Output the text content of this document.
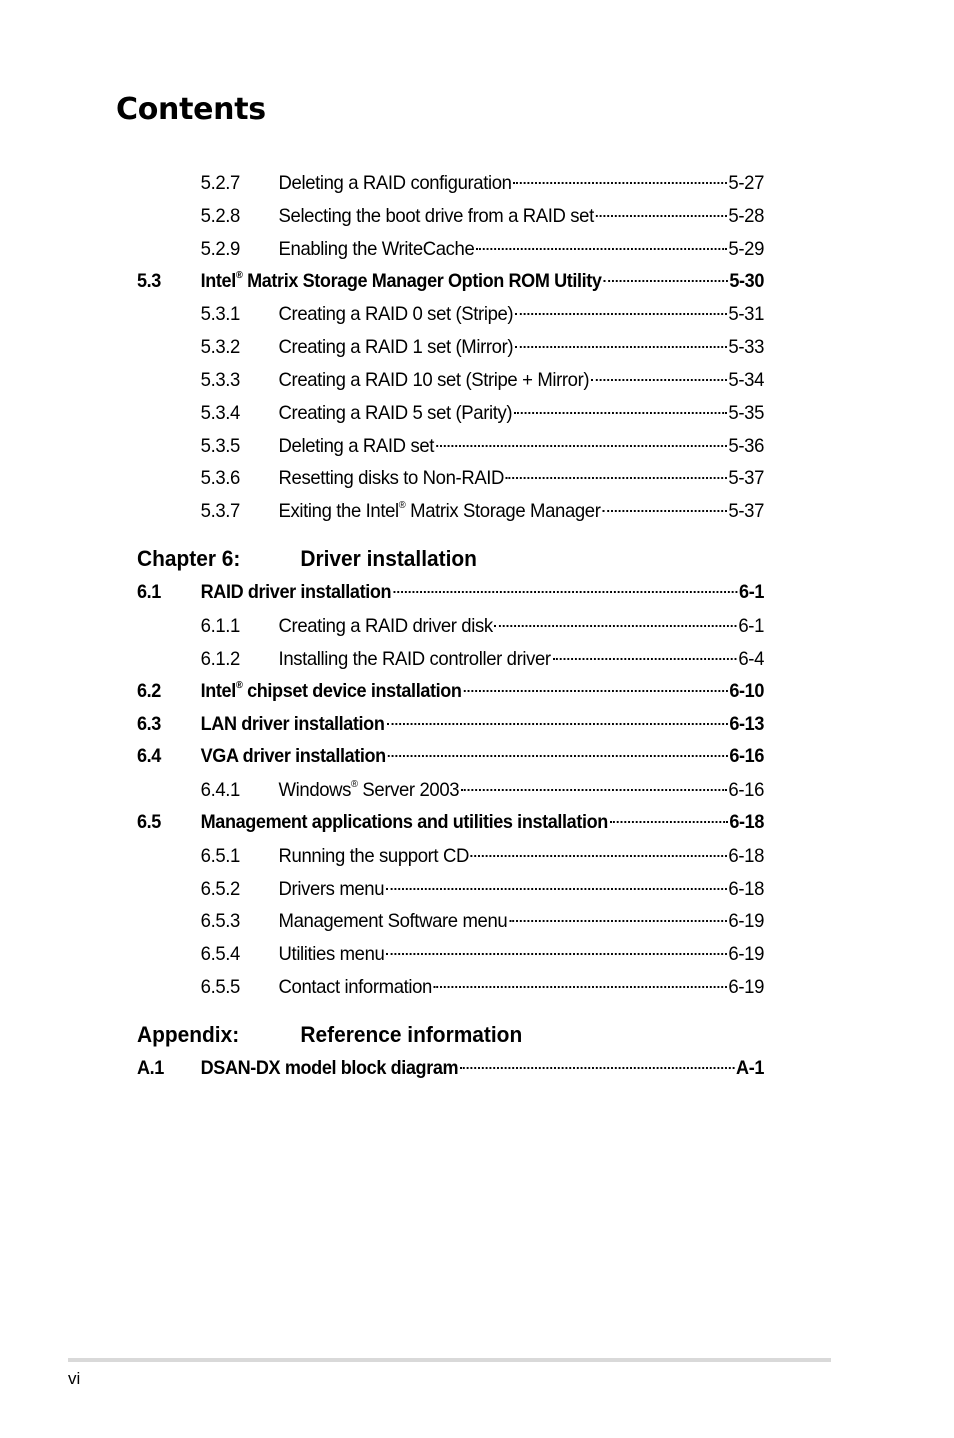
Contents
5.2.7 Deleting a RAID configuration	5-27
5.2.8 Selecting the boot drive from a RAID set	5-28
5.2.9 Enabling the WriteCache	5-29
5.3 Intel® Matrix Storage Manager Option ROM Utility	5-30
5.3.1 Creating a RAID 0 set (Stripe)	5-31
5.3.2 Creating a RAID 1 set (Mirror)	5-33
5.3.3 Creating a RAID 10 set (Stripe + Mirror)	5-34
5.3.4 Creating a RAID 5 set (Parity)	5-35
5.3.5 Deleting a RAID set	5-36
5.3.6 Resetting disks to Non-RAID	5-37
5.3.7 Exiting the Intel® Matrix Storage Manager	5-37
Chapter 6:	Driver installation
6.1 RAID driver installation	6-1
6.1.1 Creating a RAID driver disk	6-1
6.1.2 Installing the RAID controller driver	6-4
6.2 Intel® chipset device installation	6-10
6.3 LAN driver installation	6-13
6.4 VGA driver installation	6-16
6.4.1 Windows® Server 2003	6-16
6.5 Management applications and utilities installation	6-18
6.5.1 Running the support CD	6-18
6.5.2 Drivers menu	6-18
6.5.3 Management Software menu	6-19
6.5.4 Utilities menu	6-19
6.5.5 Contact information	6-19
Appendix:	Reference information
A.1 DSAN-DX model block diagram	A-1
vi
